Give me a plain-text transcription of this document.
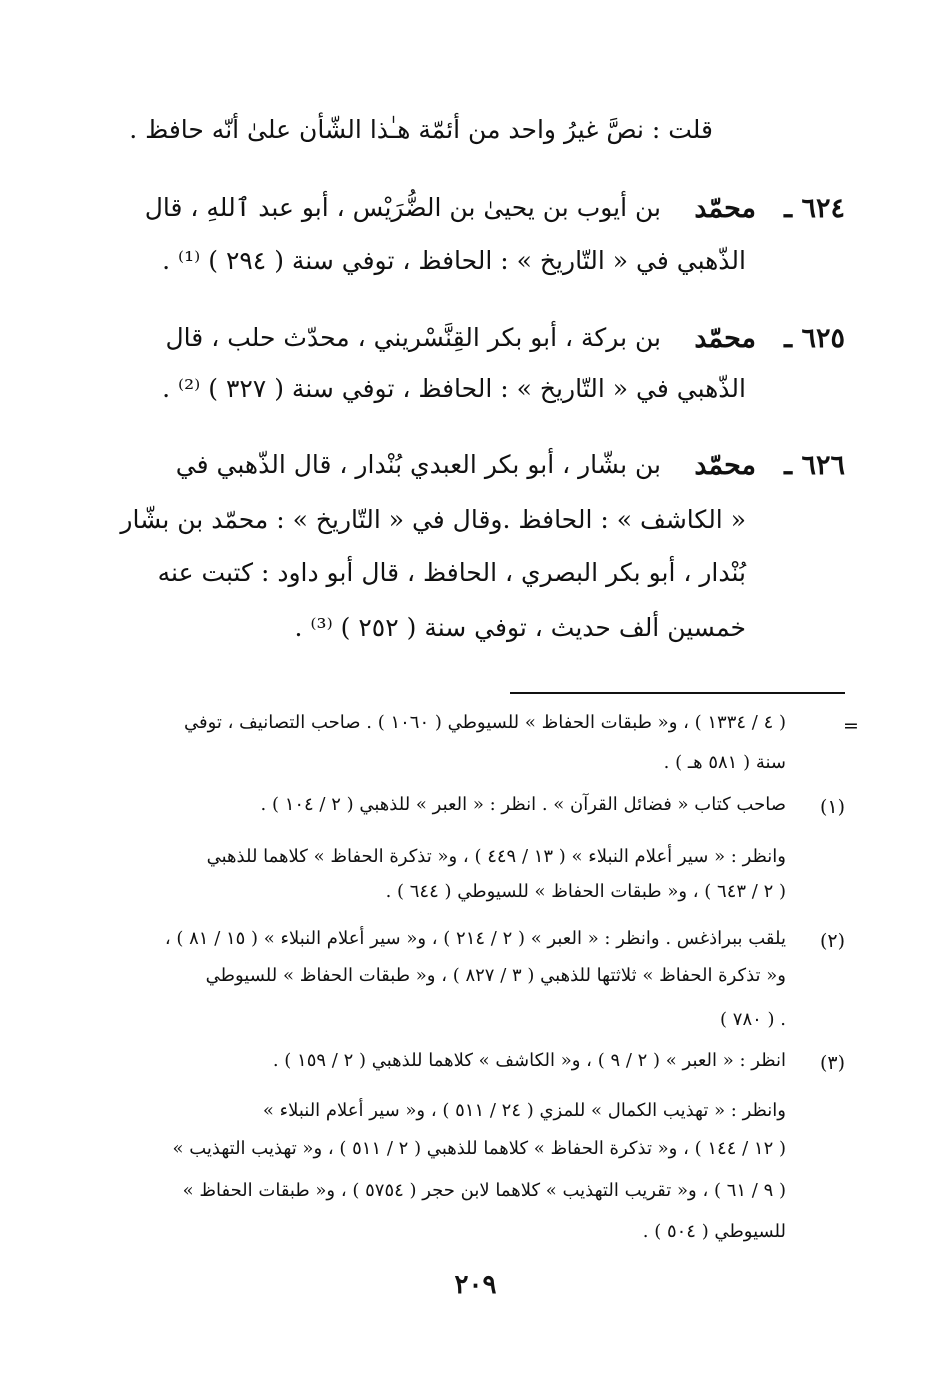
قلت : نصَّ غيرُ واحد من أئمّة هـٰذا الشّأن علىٰ أنّه حافظ .
٦٢٤ ـ
محمّد
بن أيوب بن يحيىٰ بن الضُّرَيْس ، أبو عبد ٱللهِ ، قال
الذّهبي في « التّاريخ » : الحافظ ، توفي سنة ( ٢٩٤ ) ⁽¹⁾ .
٦٢٥ ـ
محمّد
بن بركة ، أبو بكر القِنَّسْريني ، محدّث حلب ، قال
الذّهبي في « التّاريخ » : الحافظ ، توفي سنة ( ٣٢٧ ) ⁽²⁾ .
٦٢٦ ـ
محمّد
بن بشّار ، أبو بكر العبدي بُنْدار ، قال الذّهبي في
« الكاشف » : الحافظ .وقال في « التّاريخ » : محمّد بن بشّار
بُنْدار ، أبو بكر البصري ، الحافظ ، قال أبو داود : كتبت عنه
خمسين ألف حديث ، توفي سنة ( ٢٥٢ ) ⁽³⁾ .
=
( ٤ / ١٣٣٤ ) ، و« طبقات الحفاظ » للسيوطي ( ١٠٦٠ ) . صاحب التصانيف ، توفي
سنة ( ٥٨١ هـ ) .
(١)
صاحب كتاب « فضائل القرآن » . انظر : « العبر » للذهبي ( ٢ / ١٠٤ ) .
وانظر : « سير أعلام النبلاء » ( ١٣ / ٤٤٩ ) ، و« تذكرة الحفاظ » كلاهما للذهبي
( ٢ / ٦٤٣ ) ، و« طبقات الحفاظ » للسيوطي ( ٦٤٤ ) .
(٢)
يلقب ببراذغس . وانظر : « العبر » ( ٢ / ٢١٤ ) ، و« سير أعلام النبلاء » ( ١٥ / ٨١ ) ،
و« تذكرة الحفاظ » ثلاثتها للذهبي ( ٣ / ٨٢٧ ) ، و« طبقات الحفاظ » للسيوطي
( ٧٨٠ ) .
(٣)
انظر : « العبر » ( ٢ / ٩ ) ، و« الكاشف » كلاهما للذهبي ( ٢ / ١٥٩ ) .
وانظر : « تهذيب الكمال » للمزي ( ٢٤ / ٥١١ ) ، و« سير أعلام النبلاء »
( ١٢ / ١٤٤ ) ، و« تذكرة الحفاظ » كلاهما للذهبي ( ٢ / ٥١١ ) ، و« تهذيب التهذيب »
( ٩ / ٦١ ) ، و« تقريب التهذيب » كلاهما لابن حجر ( ٥٧٥٤ ) ، و« طبقات الحفاظ »
للسيوطي ( ٥٠٤ ) .
٢٠٩
